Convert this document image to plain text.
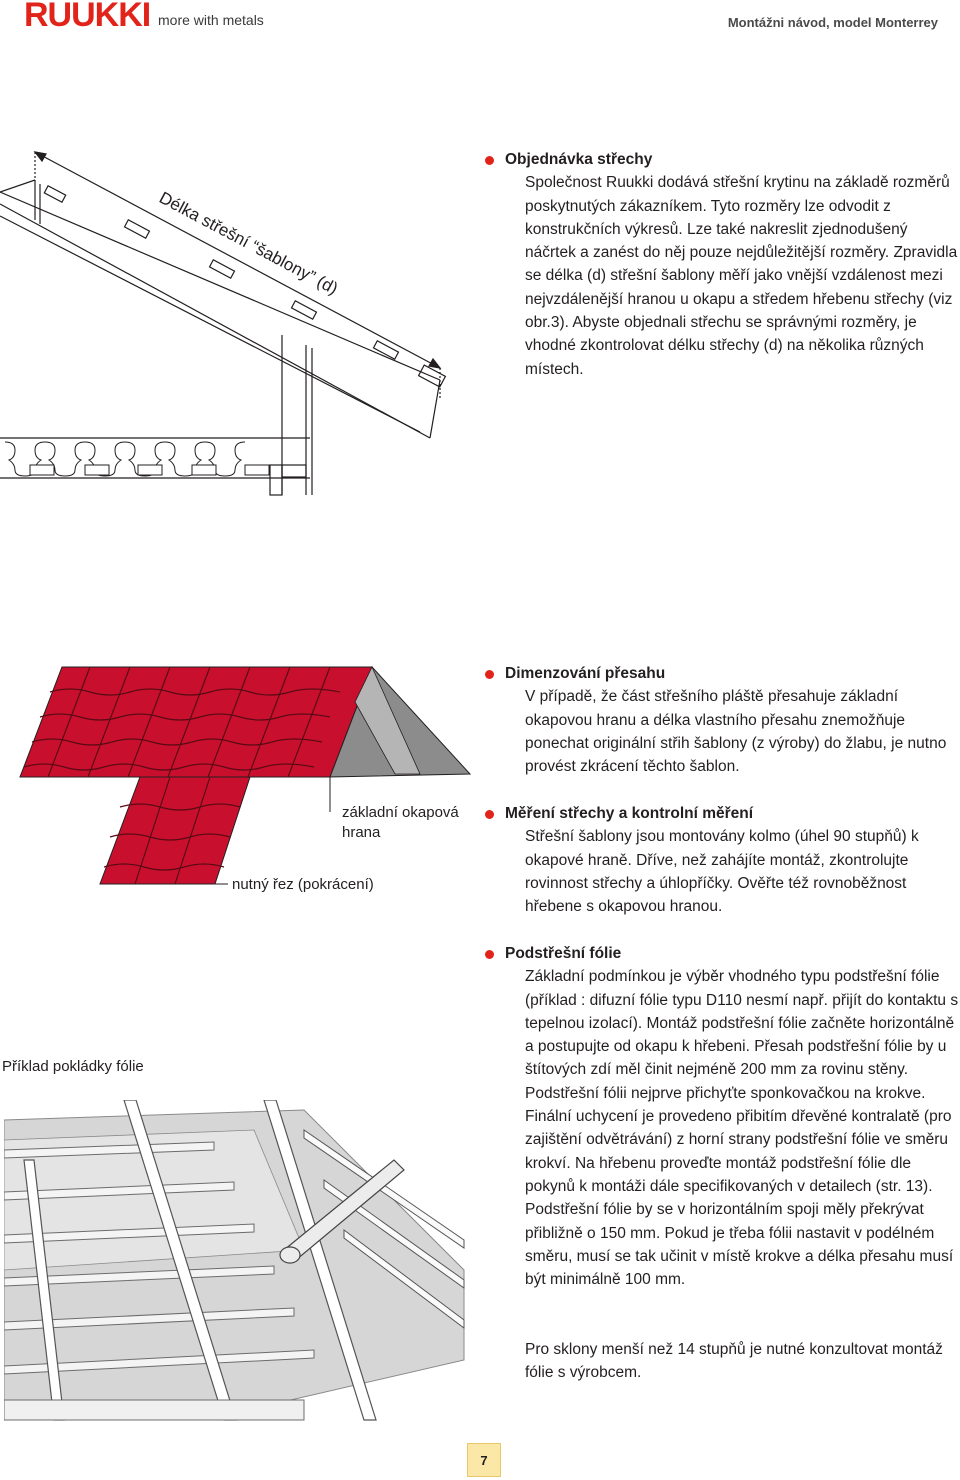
RUUKKI more with metals	Montážni návod, model Monterrey
Délka střešní “šablony” (d)
Objednávka střechy
Společnost Ruukki dodává střešní krytinu na základě rozměrů poskytnutých zákazníkem. Tyto rozměry lze odvodit z konstrukčních výkresů. Lze také nakreslit zjednodušený náčrtek a zanést do něj pouze nejdůležitější rozměry. Zpravidla se délka (d) střešní šablony měří jako vnější vzdálenost mezi nejvzdálenější hranou u okapu a středem hřebenu střechy (viz obr.3). Abyste objednali střechu se správnými rozměry, je vhodné zkontrolovat délku střechy (d) na několika různých místech.
základní okapová
hrana
nutný řez (pokrácení)
Dimenzování přesahu
V případě, že část střešního pláště přesahuje základní okapovou hranu a délka vlastního přesahu znemožňuje ponechat originální střih šablony (z výroby) do žlabu, je nutno provést zkrácení těchto šablon.
Měření střechy a kontrolní měření
Střešní šablony jsou montovány kolmo (úhel 90 stupňů) k okapové hraně. Dříve, než zahájíte montáž, zkontrolujte rovinnost střechy a úhlopříčky. Ověřte též rovnoběžnost hřebene s okapovou hranou.
Příklad pokládky fólie
Podstřešní fólie
Základní podmínkou je výběr vhodného typu podstřešní fólie (příklad : difuzní fólie typu D110 nesmí např. přijít do kontaktu s tepelnou izolací). Montáž podstřešní fólie začněte horizontálně a postupujte od okapu k hřebeni. Přesah podstřešní fólie by u štítových zdí měl činit nejméně 200 mm za rovinu stěny. Podstřešní fólii nejprve přichyťte sponkovačkou na krokve. Finální uchycení je provedeno přibitím dřevěné kontralatě (pro zajištění odvětrávání) z horní strany podstřešní fólie ve směru krokví. Na hřebenu proveďte montáž podstřešní fólie dle pokynů k montáži dále specifikovaných v detailech (str. 13). Podstřešní fólie by se v horizontálním spoji měly překrývat přibližně o 150 mm. Pokud je třeba fólii nastavit v podélném směru, musí se tak učinit v místě krokve a délka přesahu musí být minimálně 100 mm.
Pro sklony menší než 14 stupňů je nutné konzultovat montáž fólie s výrobcem.
7
